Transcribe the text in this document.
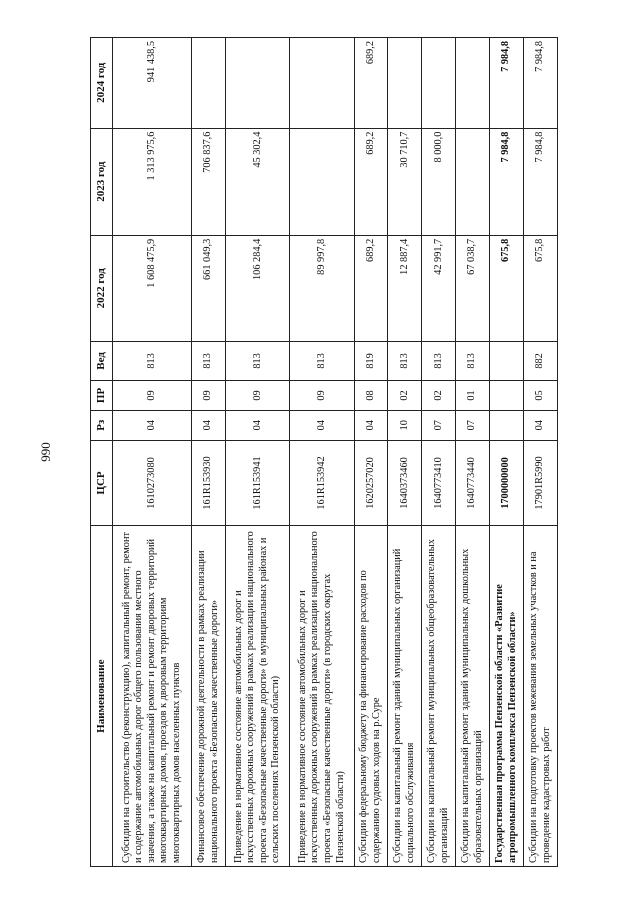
990
Наименование	ЦСР	Рз	ПР	Вед	2022 год	2023 год	2024 год
Субсидии на строительство (реконструкцию), капитальный ремонт, ремонт и содержание автомобильных дорог общего пользования местного значения, а также на капитальный ремонт и ремонт дворовых территорий многоквартирных домов, проездов к дворовым территориям многоквартирных домов населенных пунктов	1610273080	04	09	813	1 608 475,9	1 313 975,6	941 438,5
Финансовое обеспечение дорожной деятельности в рамках реализации национального проекта «Безопасные качественные дороги»	161R153930	04	09	813	661 049,3	706 837,6	
Приведение в нормативное состояние автомобильных дорог и искусственных дорожных сооружений в рамках реализации национального проекта «Безопасные качественные дороги» (в муниципальных районах и сельских поселениях Пензенской области)	161R153941	04	09	813	106 284,4	45 302,4	
Приведение в нормативное состояние автомобильных дорог и искусственных дорожных сооружений в рамках реализации национального проекта «Безопасные качественные дороги» (в городских округах Пензенской области)	161R153942	04	09	813	89 997,8		
Субсидии федеральному бюджету на финансирование расходов по содержанию судовых ходов на р.Суре	1620257020	04	08	819	689,2	689,2	689,2
Субсидии на капитальный ремонт зданий муниципальных организаций социального обслуживания	1640373460	10	02	813	12 887,4	30 710,7	
Субсидии на капитальный ремонт муниципальных общеобразовательных организаций	1640773410	07	02	813	42 991,7	8 000,0	
Субсидии на капитальный ремонт зданий муниципальных дошкольных образовательных организаций	1640773440	07	01	813	67 038,7		
Государственная программа Пензенской области «Развитие агропромышленного комплекса Пензенской области»	1700000000				675,8	7 984,8	7 984,8
Субсидии на подготовку проектов межевания земельных участков и на проведение кадастровых работ	17901R5990	04	05	882	675,8	7 984,8	7 984,8
